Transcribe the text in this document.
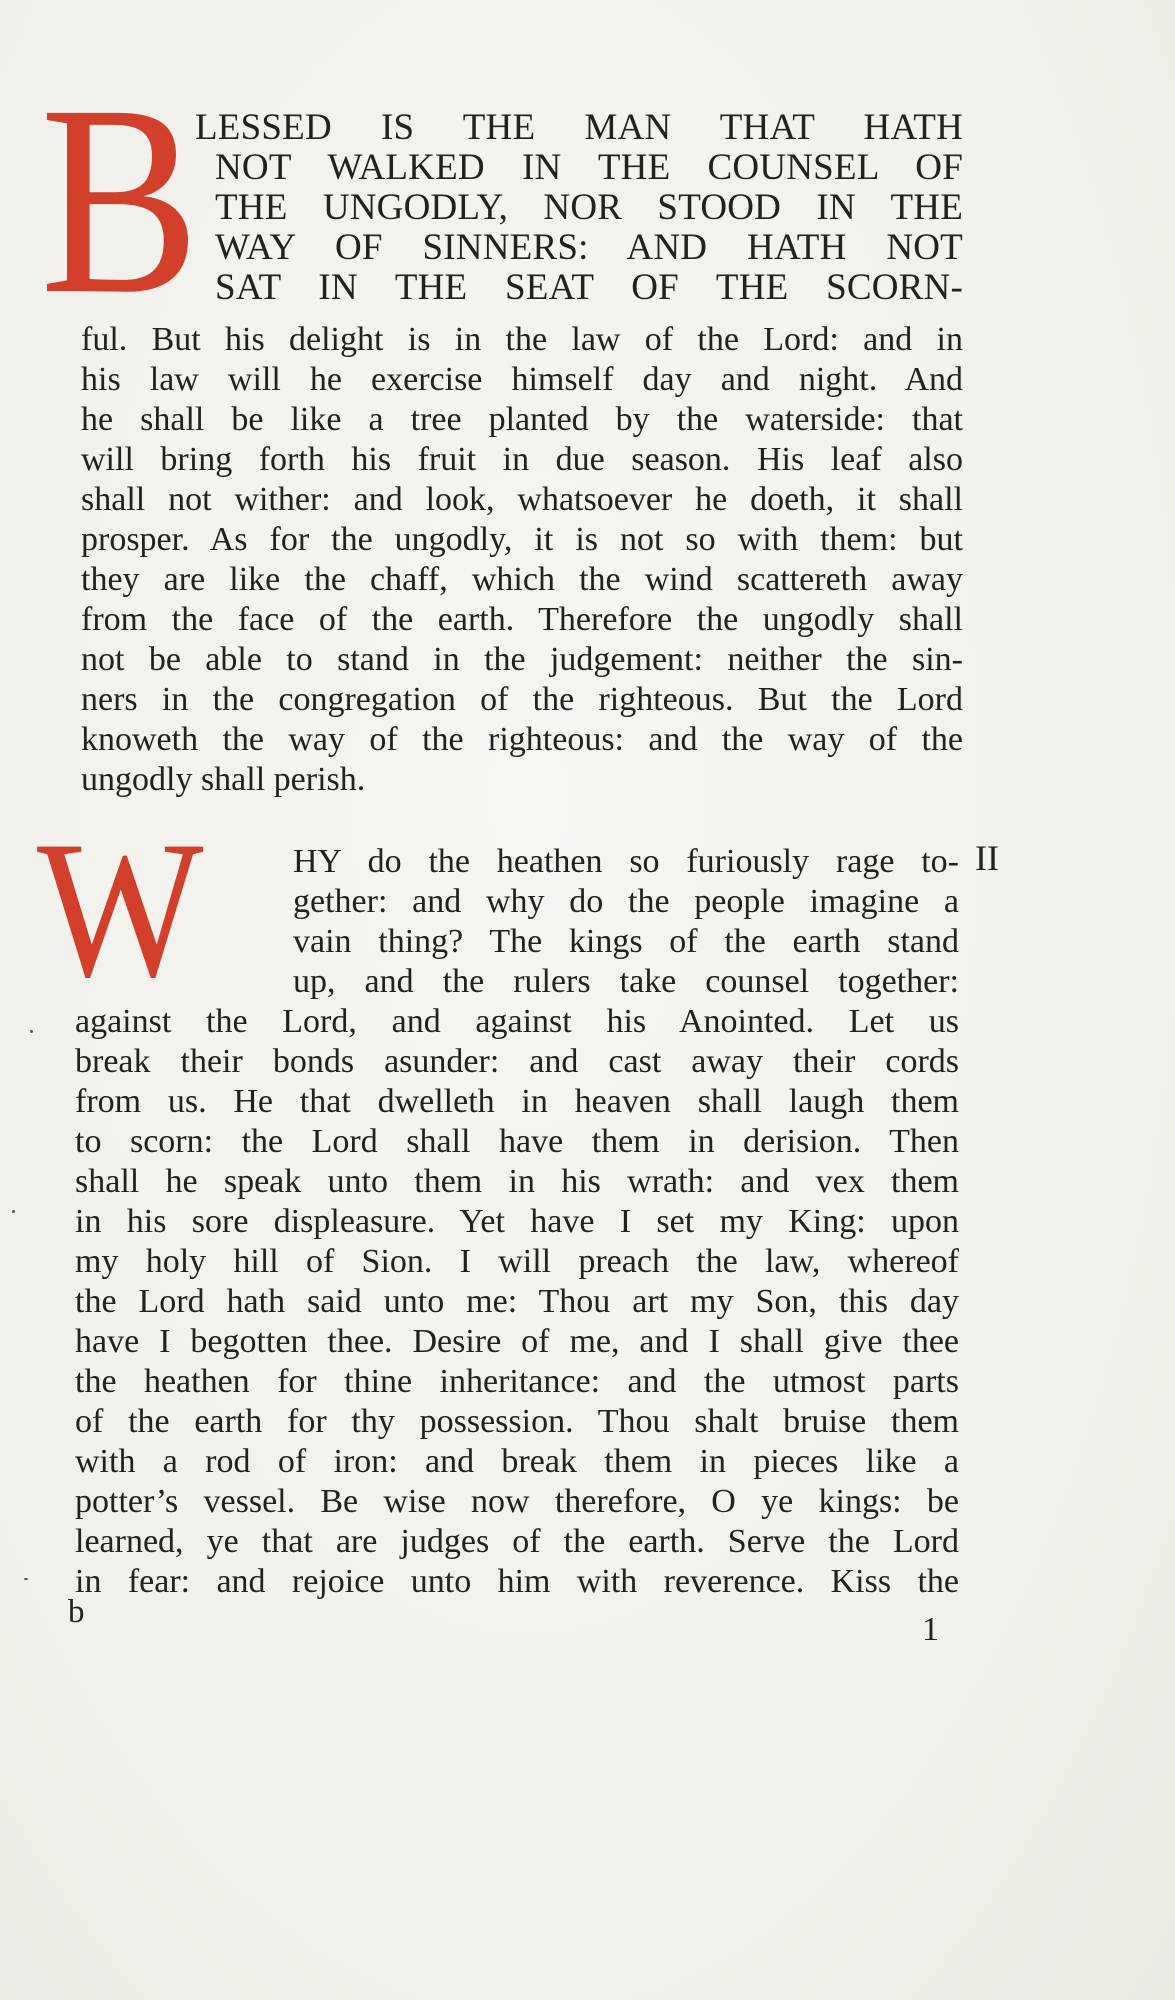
B
LESSED IS THE MAN THAT HATH
NOT WALKED IN THE COUNSEL OF
THE UNGODLY, NOR STOOD IN THE
WAY OF SINNERS: AND HATH NOT
SAT IN THE SEAT OF THE SCORN-
ful. But his delight is in the law of the Lord: and in
his law will he exercise himself day and night. And
he shall be like a tree planted by the waterside: that
will bring forth his fruit in due season. His leaf also
shall not wither: and look, whatsoever he doeth, it shall
prosper. As for the ungodly, it is not so with them: but
they are like the chaff, which the wind scattereth away
from the face of the earth. Therefore the ungodly shall
not be able to stand in the judgement: neither the sin-
ners in the congregation of the righteous. But the Lord
knoweth the way of the righteous: and the way of the
ungodly shall perish.
II
W	HY do the heathen so furiously rage to-
gether: and why do the people imagine a
vain thing? The kings of the earth stand
up, and the rulers take counsel together:
against the Lord, and against his Anointed. Let us
break their bonds asunder: and cast away their cords
from us. He that dwelleth in heaven shall laugh them
to scorn: the Lord shall have them in derision. Then
shall he speak unto them in his wrath: and vex them
in his sore displeasure. Yet have I set my King: upon
my holy hill of Sion. I will preach the law, whereof
the Lord hath said unto me: Thou art my Son, this day
have I begotten thee. Desire of me, and I shall give thee
the heathen for thine inheritance: and the utmost parts
of the earth for thy possession. Thou shalt bruise them
with a rod of iron: and break them in pieces like a
potter’s vessel. Be wise now therefore, O ye kings: be
learned, ye that are judges of the earth. Serve the Lord
in fear: and rejoice unto him with reverence. Kiss the
b	1
